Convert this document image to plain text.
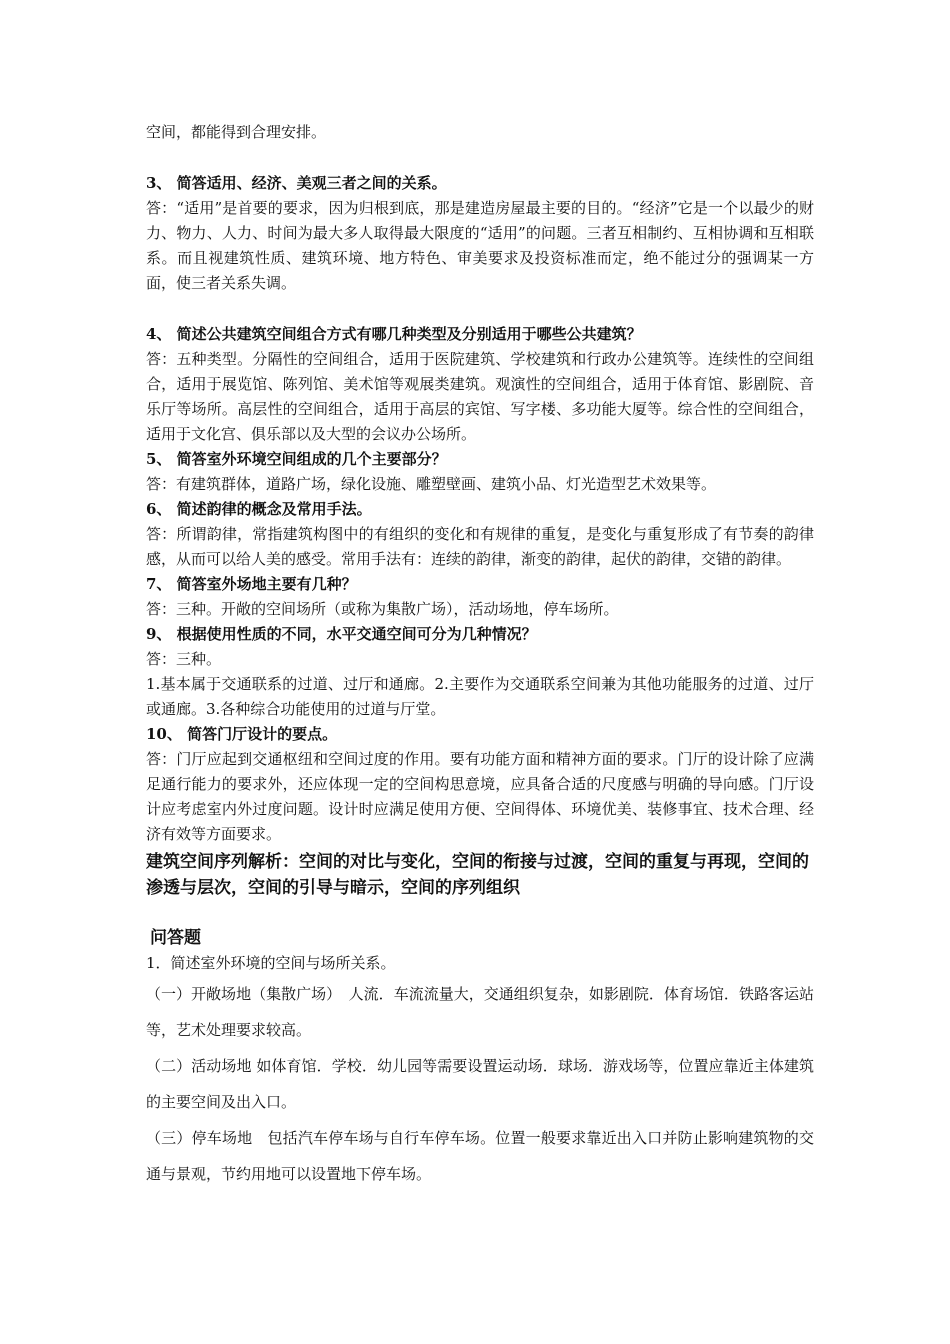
空间，都能得到合理安排。

3、 简答适用、经济、美观三者之间的关系。

答：“适用”是首要的要求，因为归根到底，那是建造房屋最主要的目的。“经济”它是一个以最少的财力、物力、人力、时间为最大多人取得最大限度的“适用”的问题。三者互相制约、互相协调和互相联系。而且视建筑性质、建筑环境、地方特色、审美要求及投资标准而定，绝不能过分的强调某一方面，使三者关系失调。

4、 简述公共建筑空间组合方式有哪几种类型及分别适用于哪些公共建筑？

答：五种类型。分隔性的空间组合，适用于医院建筑、学校建筑和行政办公建筑等。连续性的空间组合，适用于展览馆、陈列馆、美术馆等观展类建筑。观演性的空间组合，适用于体育馆、影剧院、音乐厅等场所。高层性的空间组合，适用于高层的宾馆、写字楼、多功能大厦等。综合性的空间组合，适用于文化宫、俱乐部以及大型的会议办公场所。

5、 简答室外环境空间组成的几个主要部分？

答：有建筑群体，道路广场，绿化设施、雕塑壁画、建筑小品、灯光造型艺术效果等。

6、 简述韵律的概念及常用手法。

答：所谓韵律，常指建筑构图中的有组织的变化和有规律的重复，是变化与重复形成了有节奏的韵律感，从而可以给人美的感受。常用手法有：连续的韵律，渐变的韵律，起伏的韵律，交错的韵律。

7、 简答室外场地主要有几种？

答：三种。开敞的空间场所（或称为集散广场），活动场地，停车场所。

9、 根据使用性质的不同，水平交通空间可分为几种情况？

答：三种。

1.基本属于交通联系的过道、过厅和通廊。2.主要作为交通联系空间兼为其他功能服务的过道、过厅或通廊。3.各种综合功能使用的过道与厅堂。

10、 简答门厅设计的要点。

答：门厅应起到交通枢纽和空间过度的作用。要有功能方面和精神方面的要求。门厅的设计除了应满足通行能力的要求外，还应体现一定的空间构思意境，应具备合适的尺度感与明确的导向感。门厅设计应考虑室内外过度问题。设计时应满足使用方便、空间得体、环境优美、装修事宜、技术合理、经济有效等方面要求。

建筑空间序列解析：空间的对比与变化，空间的衔接与过渡，空间的重复与再现，空间的渗透与层次，空间的引导与暗示，空间的序列组织

问答题

1．简述室外环境的空间与场所关系。

（一）开敞场地（集散广场）　人流．车流流量大，交通组织复杂，如影剧院．体育场馆．铁路客运站等，艺术处理要求较高。

（二）活动场地 如体育馆．学校．幼儿园等需要设置运动场．球场．游戏场等，位置应靠近主体建筑的主要空间及出入口。

（三）停车场地　包括汽车停车场与自行车停车场。位置一般要求靠近出入口并防止影响建筑物的交通与景观，节约用地可以设置地下停车场。
